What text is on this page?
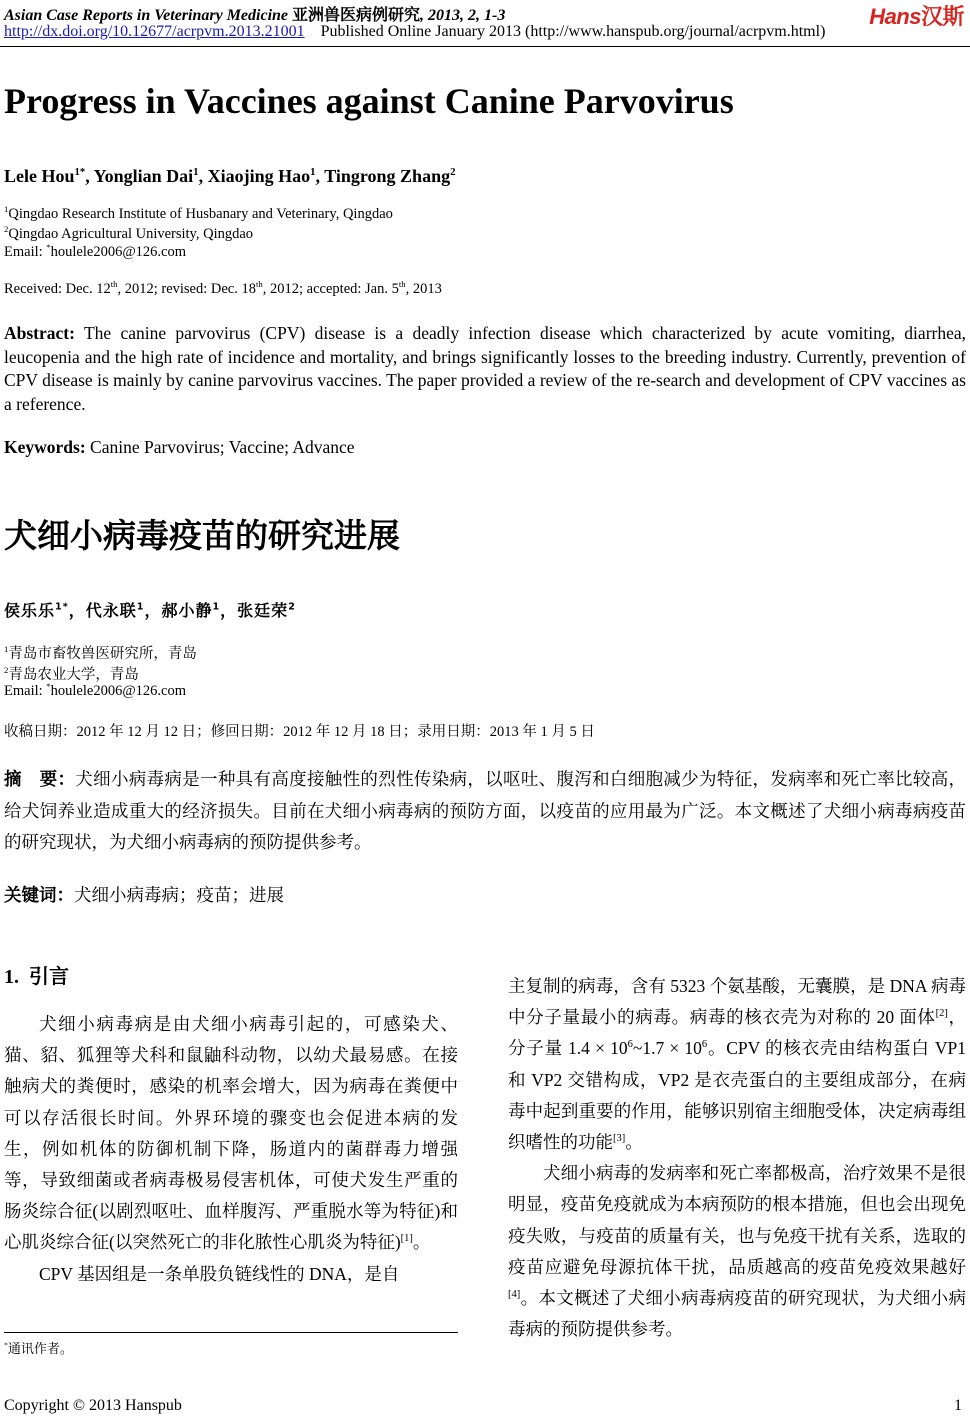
Asian Case Reports in Veterinary Medicine 亚洲兽医病例研究, 2013, 2, 1-3	Hans汉斯
http://dx.doi.org/10.12677/acrpvm.2013.21001 Published Online January 2013 (http://www.hanspub.org/journal/acrpvm.html)
Progress in Vaccines against Canine Parvovirus
Lele Hou$^{1*}$, Yonglian Dai$^1$, Xiaojing Hao$^1$, Tingrong Zhang$^2$
$^1$Qingdao Research Institute of Husbanary and Veterinary, Qingdao
$^2$Qingdao Agricultural University, Qingdao
Email: *houlele2006@126.com
Received: Dec. 12th, 2012; revised: Dec. 18th, 2012; accepted: Jan. 5th, 2013
Abstract: The canine parvovirus (CPV) disease is a deadly infection disease which characterized by acute vomiting, diarrhea, leucopenia and the high rate of incidence and mortality, and brings significantly losses to the breeding industry. Currently, prevention of CPV disease is mainly by canine parvovirus vaccines. The paper provided a review of the re-search and development of CPV vaccines as a reference.
Keywords: Canine Parvovirus; Vaccine; Advance
犬细小病毒疫苗的研究进展
侯乐乐$^{1*}$，代永联$^1$，郝小静$^1$，张廷荣$^2$
$^1$青岛市畜牧兽医研究所，青岛
$^2$青岛农业大学，青岛
Email: *houlele2006@126.com
收稿日期：2012 年 12 月 12 日；修回日期：2012 年 12 月 18 日；录用日期：2013 年 1 月 5 日
摘　要：犬细小病毒病是一种具有高度接触性的烈性传染病，以呕吐、腹泻和白细胞减少为特征，发病率和死亡率比较高，给犬饲养业造成重大的经济损失。目前在犬细小病毒病的预防方面，以疫苗的应用最为广泛。本文概述了犬细小病毒病疫苗的研究现状，为犬细小病毒病的预防提供参考。
关键词：犬细小病毒病；疫苗；进展
1. 引言

犬细小病毒病是由犬细小病毒引起的，可感染犬、猫、貂、狐狸等犬科和鼠鼬科动物，以幼犬最易感。在接触病犬的粪便时，感染的机率会增大，因为病毒在粪便中可以存活很长时间。外界环境的骤变也会促进本病的发生，例如机体的防御机制下降，肠道内的菌群毒力增强等，导致细菌或者病毒极易侵害机体，可使犬发生严重的肠炎综合征(以剧烈呕吐、血样腹泻、严重脱水等为特征)和心肌炎综合征(以突然死亡的非化脓性心肌炎为特征)[1]。

CPV 基因组是一条单股负链线性的 DNA，是自

主复制的病毒，含有 5323 个氨基酸，无囊膜，是 DNA 病毒中分子量最小的病毒。病毒的核衣壳为对称的 20 面体[2]，分子量 $1.4 \times 10^6\sim 1.7 \times 10^6$。CPV 的核衣壳由结构蛋白 VP1 和 VP2 交错构成，VP2 是衣壳蛋白的主要组成部分，在病毒中起到重要的作用，能够识别宿主细胞受体，决定病毒组织嗜性的功能[3]。

犬细小病毒的发病率和死亡率都极高，治疗效果不是很明显，疫苗免疫就成为本病预防的根本措施，但也会出现免疫失败，与疫苗的质量有关，也与免疫干扰有关系，选取的疫苗应避免母源抗体干扰，品质越高的疫苗免疫效果越好[4]。本文概述了犬细小病毒病疫苗的研究现状，为犬细小病毒病的预防提供参考。

*通讯作者。
Copyright © 2013 Hanspub	1
